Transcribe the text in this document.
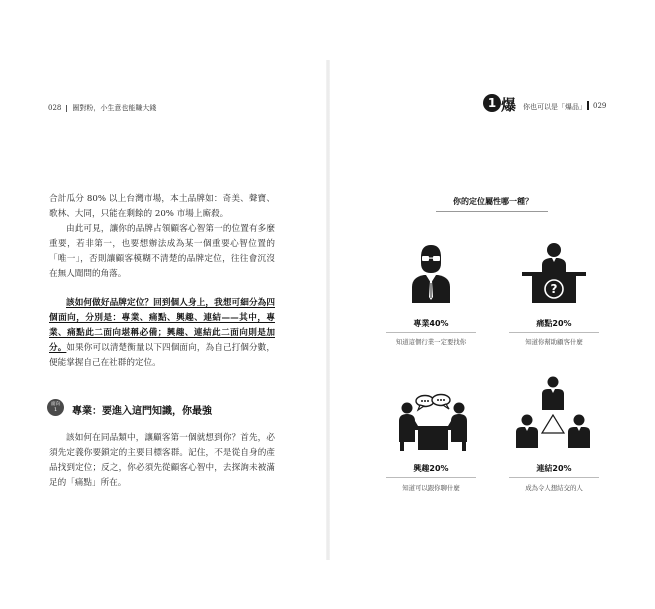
028 圈對粉，小生意也能賺大錢

合計瓜分 80% 以上台灣市場，本土品牌如：奇美、聲寶、歌林、大同，只能在剩餘的 20% 市場上廝殺。

由此可見，讓你的品牌占領顧客心智第一的位置有多麼重要，若非第一，也要想辦法成為某一個重要心智位置的「唯一」，否則讓顧客模糊不清楚的品牌定位，往往會沉沒在無人聞問的角落。

該如何做好品牌定位？回到個人身上，我想可細分為四個面向，分別是：專業、痛點、興趣、連結——其中，專業、痛點此二面向堪稱必備；興趣、連結此二面向則是加分。如果你可以清楚衡量以下四個面向，為自己打個分數，便能掌握自己在社群的定位。

面向
1	專業：要進入這門知識，你最強

該如何在同品類中，讓顧客第一個就想到你？首先，必須先定義你要鎖定的主要目標客群。記住，不是從自身的產品找到定位；反之，你必須先從顧客心智中，去探詢未被滿足的「痛點」所在。

1 爆 你也可以是「爆品」 029
你的定位屬性哪一種？
?
專業40%
知道這個行業一定要找你
痛點20%
知道你幫助顧客什麼
興趣20%
知道可以跟你聊什麼
連結20%
成為令人想結交的人
